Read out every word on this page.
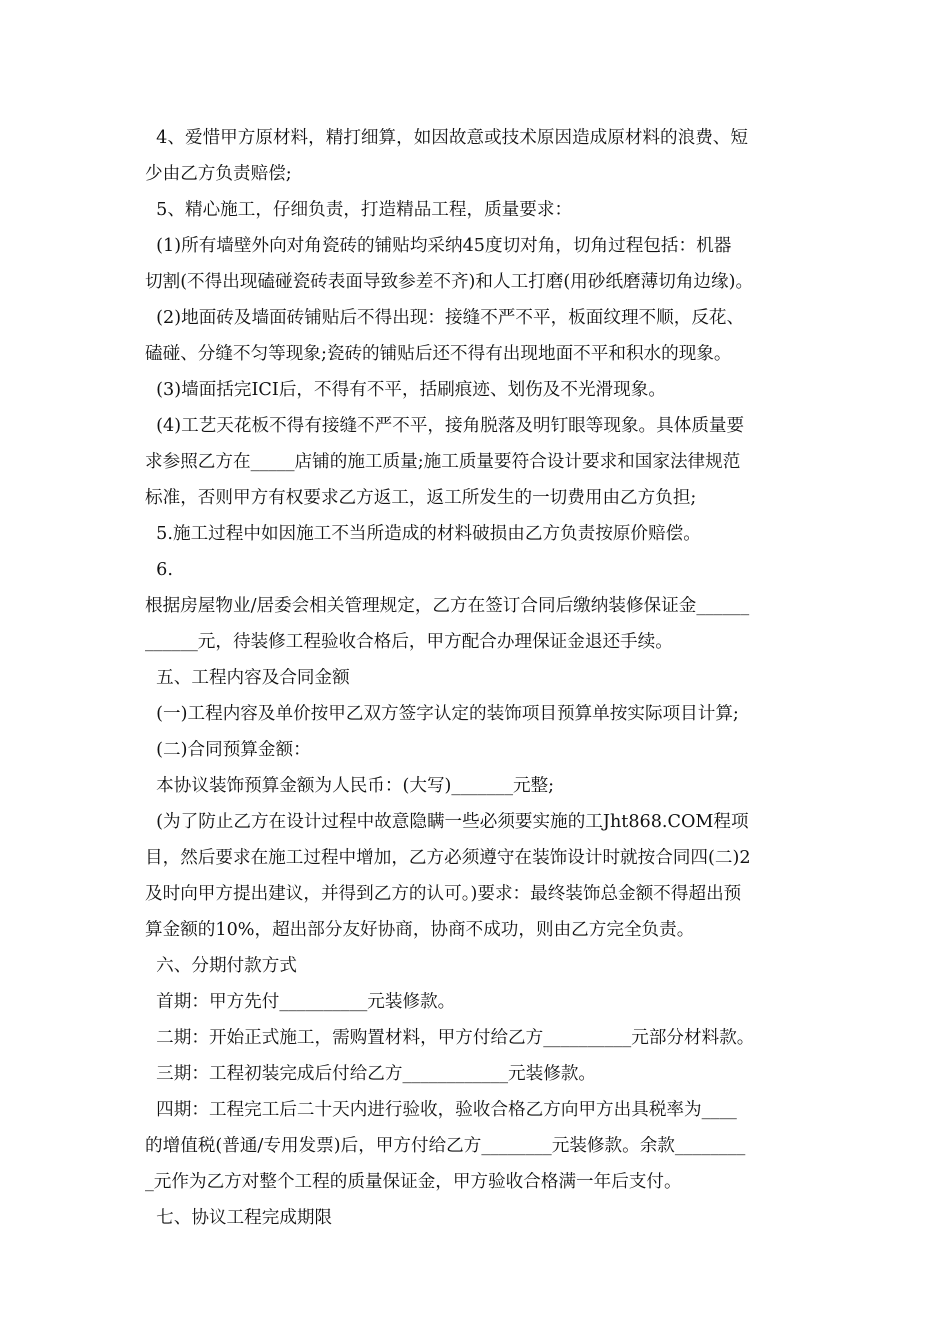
4、爱惜甲方原材料，精打细算，如因故意或技术原因造成原材料的浪费、短
少由乙方负责赔偿;
5、精心施工，仔细负责，打造精品工程，质量要求：
(1)所有墙壁外向对角瓷砖的铺贴均采纳45度切对角，切角过程包括：机器
切割(不得出现磕碰瓷砖表面导致参差不齐)和人工打磨(用砂纸磨薄切角边缘)。
(2)地面砖及墙面砖铺贴后不得出现：接缝不严不平，板面纹理不顺，反花、
磕碰、分缝不匀等现象;瓷砖的铺贴后还不得有出现地面不平和积水的现象。
(3)墙面括完ICI后，不得有不平，括刷痕迹、划伤及不光滑现象。
(4)工艺天花板不得有接缝不严不平，接角脱落及明钉眼等现象。具体质量要
求参照乙方在_____店铺的施工质量;施工质量要符合设计要求和国家法律规范
标准，否则甲方有权要求乙方返工，返工所发生的一切费用由乙方负担;
5.施工过程中如因施工不当所造成的材料破损由乙方负责按原价赔偿。
6.
根据房屋物业/居委会相关管理规定，乙方在签订合同后缴纳装修保证金______
______元，待装修工程验收合格后，甲方配合办理保证金退还手续。
五、工程内容及合同金额
(一)工程内容及单价按甲乙双方签字认定的装饰项目预算单按实际项目计算;
(二)合同预算金额：
本协议装饰预算金额为人民币：(大写)_______元整;
(为了防止乙方在设计过程中故意隐瞒一些必须要实施的工Jht868.COM程项
目，然后要求在施工过程中增加，乙方必须遵守在装饰设计时就按合同四(二)2
及时向甲方提出建议，并得到乙方的认可。)要求：最终装饰总金额不得超出预
算金额的10%，超出部分友好协商，协商不成功，则由乙方完全负责。
六、分期付款方式
首期：甲方先付__________元装修款。
二期：开始正式施工，需购置材料，甲方付给乙方__________元部分材料款。
三期：工程初装完成后付给乙方____________元装修款。
四期：工程完工后二十天内进行验收，验收合格乙方向甲方出具税率为____
的增值税(普通/专用发票)后，甲方付给乙方________元装修款。余款________
_元作为乙方对整个工程的质量保证金，甲方验收合格满一年后支付。
七、协议工程完成期限
